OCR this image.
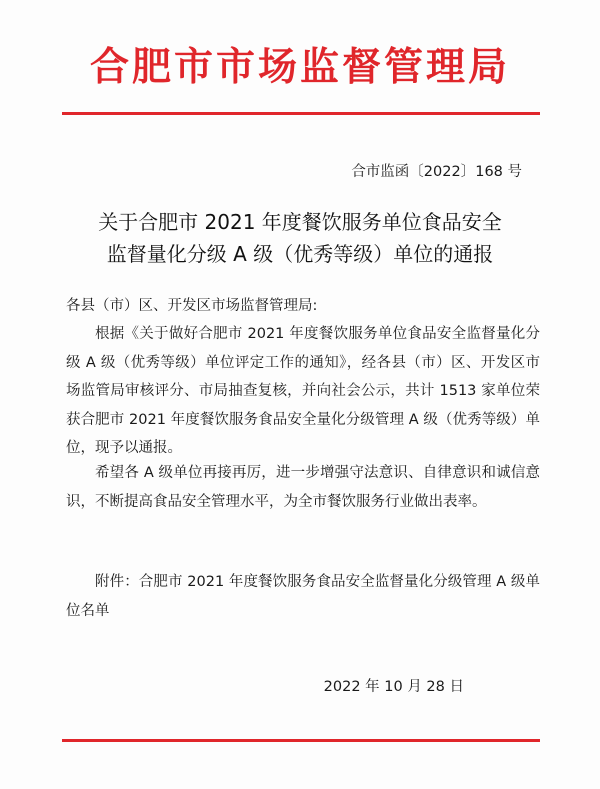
合肥市市场监督管理局
合市监函〔2022〕168 号
关于合肥市 2021 年度餐饮服务单位食品安全
监督量化分级 A 级（优秀等级）单位的通报
各县（市）区、开发区市场监督管理局:

根据《关于做好合肥市 2021 年度餐饮服务单位食品安全监督量化分级 A 级（优秀等级）单位评定工作的通知》，经各县（市）区、开发区市场监管局审核评分、市局抽查复核，并向社会公示，共计 1513 家单位荣获合肥市 2021 年度餐饮服务食品安全量化分级管理 A 级（优秀等级）单位，现予以通报。

希望各 A 级单位再接再厉，进一步增强守法意识、自律意识和诚信意识，不断提高食品安全管理水平，为全市餐饮服务行业做出表率。

附件：合肥市 2021 年度餐饮服务食品安全监督量化分级管理 A 级单位名单

2022 年 10 月 28 日
